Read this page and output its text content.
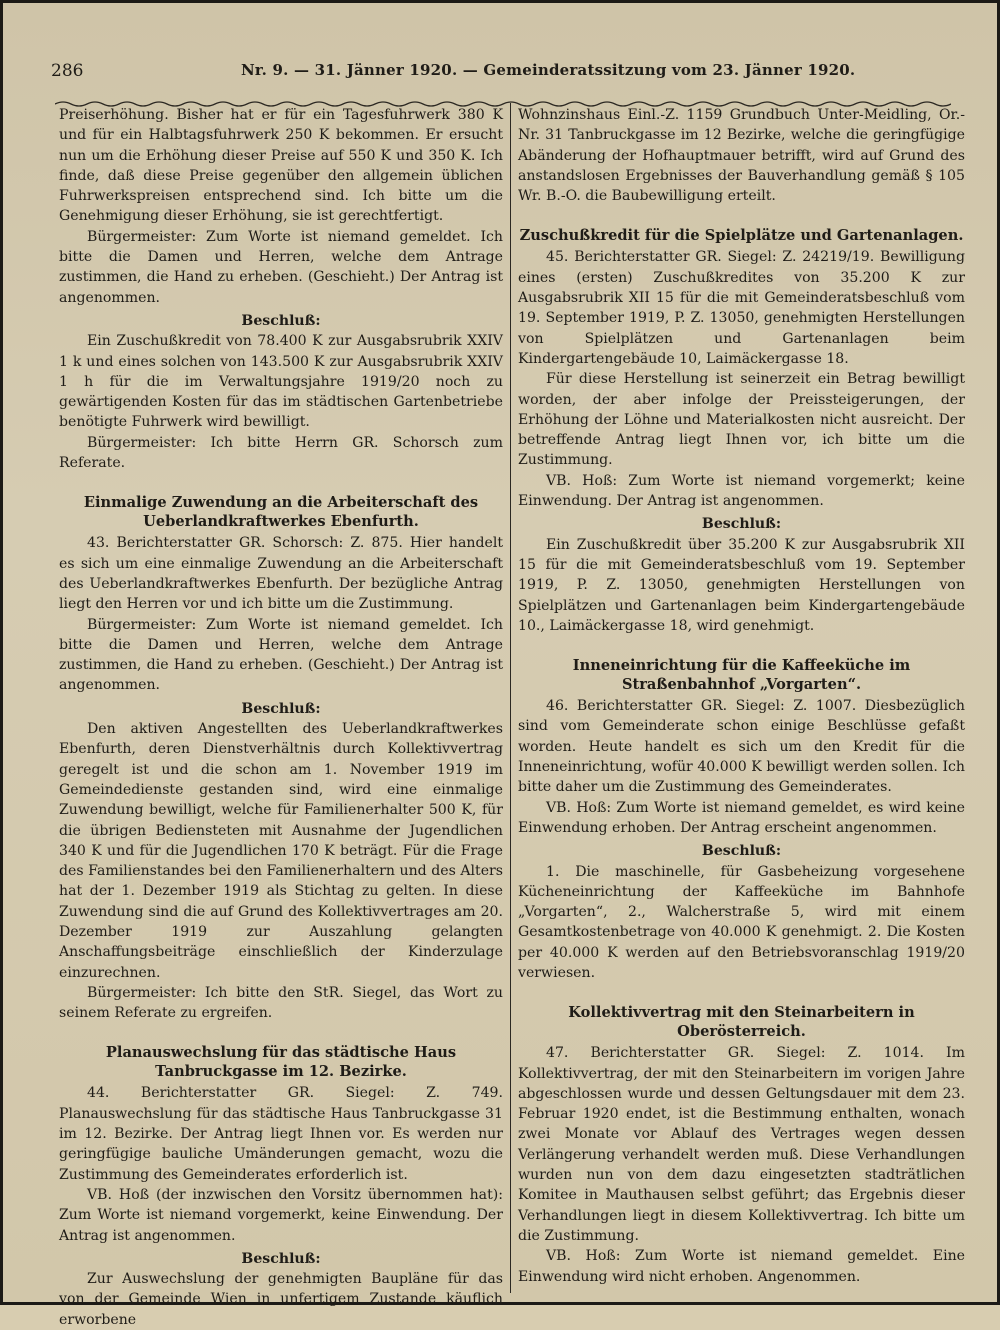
286	Nr. 9. — 31. Jänner 1920. — Gemeinderatssitzung vom 23. Jänner 1920.

Preiserhöhung. Bisher hat er für ein Tagesfuhrwerk 380 K und für ein Halbtagsfuhrwerk 250 K bekommen. Er ersucht nun um die Erhöhung dieser Preise auf 550 K und 350 K. Ich finde, daß diese Preise gegenüber den allgemein üblichen Fuhrwerkspreisen entsprechend sind. Ich bitte um die Genehmigung dieser Erhöhung, sie ist gerechtfertigt.

Bürgermeister: Zum Worte ist niemand gemeldet. Ich bitte die Damen und Herren, welche dem Antrage zustimmen, die Hand zu erheben. (Geschieht.) Der Antrag ist angenommen.

Beschluß:

Ein Zuschußkredit von 78.400 K zur Ausgabsrubrik XXIV 1 k und eines solchen von 143.500 K zur Ausgabsrubrik XXIV 1 h für die im Verwaltungsjahre 1919/20 noch zu gewärtigenden Kosten für das im städtischen Gartenbetriebe benötigte Fuhrwerk wird bewilligt.

Bürgermeister: Ich bitte Herrn GR. Schorsch zum Referate.

Einmalige Zuwendung an die Arbeiterschaft des Ueberlandkraftwerkes Ebenfurth.

43. Berichterstatter GR. Schorsch: Z. 875. Hier handelt es sich um eine einmalige Zuwendung an die Arbeiterschaft des Ueberlandkraftwerkes Ebenfurth. Der bezügliche Antrag liegt den Herren vor und ich bitte um die Zustimmung.

Bürgermeister: Zum Worte ist niemand gemeldet. Ich bitte die Damen und Herren, welche dem Antrage zustimmen, die Hand zu erheben. (Geschieht.) Der Antrag ist angenommen.

Beschluß:

Den aktiven Angestellten des Ueberlandkraftwerkes Ebenfurth, deren Dienstverhältnis durch Kollektivvertrag geregelt ist und die schon am 1. November 1919 im Gemeindedienste gestanden sind, wird eine einmalige Zuwendung bewilligt, welche für Familienerhalter 500 K, für die übrigen Bediensteten mit Ausnahme der Jugendlichen 340 K und für die Jugendlichen 170 K beträgt. Für die Frage des Familienstandes bei den Familienerhaltern und des Alters hat der 1. Dezember 1919 als Stichtag zu gelten. In diese Zuwendung sind die auf Grund des Kollektivvertrages am 20. Dezember 1919 zur Auszahlung gelangten Anschaffungsbeiträge einschließlich der Kinderzulage einzurechnen.

Bürgermeister: Ich bitte den StR. Siegel, das Wort zu seinem Referate zu ergreifen.

Planauswechslung für das städtische Haus Tanbruckgasse im 12. Bezirke.

44. Berichterstatter GR. Siegel: Z. 749. Planauswechslung für das städtische Haus Tanbruckgasse 31 im 12. Bezirke. Der Antrag liegt Ihnen vor. Es werden nur geringfügige bauliche Umänderungen gemacht, wozu die Zustimmung des Gemeinderates erforderlich ist.

VB. Hoß (der inzwischen den Vorsitz übernommen hat): Zum Worte ist niemand vorgemerkt, keine Einwendung. Der Antrag ist angenommen.

Beschluß:

Zur Auswechslung der genehmigten Baupläne für das von der Gemeinde Wien in unfertigem Zustande käuflich erworbene

Wohnzinshaus Einl.-Z. 1159 Grundbuch Unter-Meidling, Or.-Nr. 31 Tanbruckgasse im 12 Bezirke, welche die geringfügige Abänderung der Hofhauptmauer betrifft, wird auf Grund des anstandslosen Ergebnisses der Bauverhandlung gemäß § 105 Wr. B.-O. die Baubewilligung erteilt.

Zuschußkredit für die Spielplätze und Gartenanlagen.

45. Berichterstatter GR. Siegel: Z. 24219/19. Bewilligung eines (ersten) Zuschußkredites von 35.200 K zur Ausgabsrubrik XII 15 für die mit Gemeinderatsbeschluß vom 19. September 1919, P. Z. 13050, genehmigten Herstellungen von Spielplätzen und Gartenanlagen beim Kindergartengebäude 10, Laimäckergasse 18.

Für diese Herstellung ist seinerzeit ein Betrag bewilligt worden, der aber infolge der Preissteigerungen, der Erhöhung der Löhne und Materialkosten nicht ausreicht. Der betreffende Antrag liegt Ihnen vor, ich bitte um die Zustimmung.

VB. Hoß: Zum Worte ist niemand vorgemerkt; keine Einwendung. Der Antrag ist angenommen.

Beschluß:

Ein Zuschußkredit über 35.200 K zur Ausgabsrubrik XII 15 für die mit Gemeinderatsbeschluß vom 19. September 1919, P. Z. 13050, genehmigten Herstellungen von Spielplätzen und Gartenanlagen beim Kindergartengebäude 10., Laimäckergasse 18, wird genehmigt.

Inneneinrichtung für die Kaffeeküche im Straßenbahnhof „Vorgarten“.

46. Berichterstatter GR. Siegel: Z. 1007. Diesbezüglich sind vom Gemeinderate schon einige Beschlüsse gefaßt worden. Heute handelt es sich um den Kredit für die Inneneinrichtung, wofür 40.000 K bewilligt werden sollen. Ich bitte daher um die Zustimmung des Gemeinderates.

VB. Hoß: Zum Worte ist niemand gemeldet, es wird keine Einwendung erhoben. Der Antrag erscheint angenommen.

Beschluß:

1. Die maschinelle, für Gasbeheizung vorgesehene Kücheneinrichtung der Kaffeeküche im Bahnhofe „Vorgarten“, 2., Walcherstraße 5, wird mit einem Gesamtkostenbetrage von 40.000 K genehmigt. 2. Die Kosten per 40.000 K werden auf den Betriebsvoranschlag 1919/20 verwiesen.

Kollektivvertrag mit den Steinarbeitern in Oberösterreich.

47. Berichterstatter GR. Siegel: Z. 1014. Im Kollektivvertrag, der mit den Steinarbeitern im vorigen Jahre abgeschlossen wurde und dessen Geltungsdauer mit dem 23. Februar 1920 endet, ist die Bestimmung enthalten, wonach zwei Monate vor Ablauf des Vertrages wegen dessen Verlängerung verhandelt werden muß. Diese Verhandlungen wurden nun von dem dazu eingesetzten stadträtlichen Komitee in Mauthausen selbst geführt; das Ergebnis dieser Verhandlungen liegt in diesem Kollektivvertrag. Ich bitte um die Zustimmung.

VB. Hoß: Zum Worte ist niemand gemeldet. Eine Einwendung wird nicht erhoben. Angenommen.
